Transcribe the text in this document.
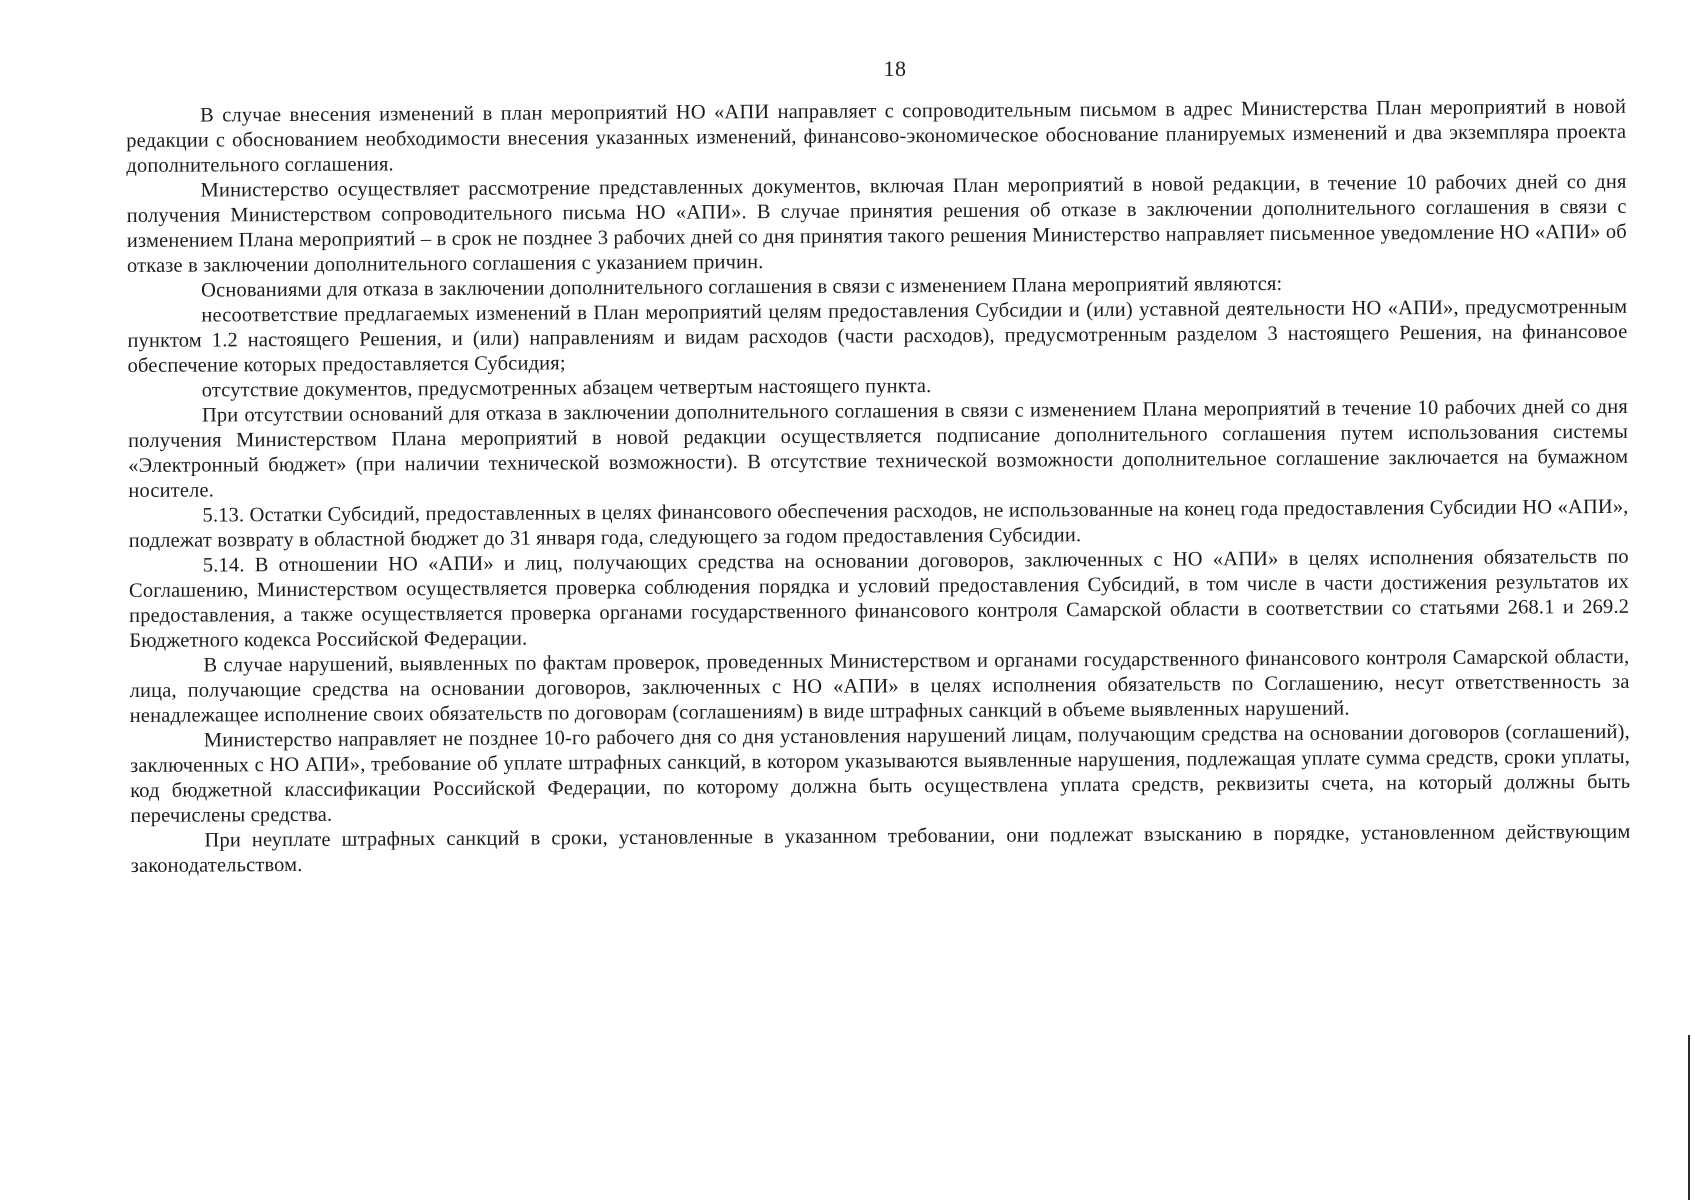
18

В случае внесения изменений в план мероприятий НО «АПИ направляет с сопроводительным письмом в адрес Министерства План мероприятий в новой редакции с обоснованием необходимости внесения указанных изменений, финансово-экономическое обоснование планируемых изменений и два экземпляра проекта дополнительного соглашения.

Министерство осуществляет рассмотрение представленных документов, включая План мероприятий в новой редакции, в течение 10 рабочих дней со дня получения Министерством сопроводительного письма НО «АПИ». В случае принятия решения об отказе в заключении дополнительного соглашения в связи с изменением Плана мероприятий – в срок не позднее 3 рабочих дней со дня принятия такого решения Министерство направляет письменное уведомление НО «АПИ» об отказе в заключении дополнительного соглашения с указанием причин.

Основаниями для отказа в заключении дополнительного соглашения в связи с изменением Плана мероприятий являются:

несоответствие предлагаемых изменений в План мероприятий целям предоставления Субсидии и (или) уставной деятельности НО «АПИ», предусмотренным пунктом 1.2 настоящего Решения, и (или) направлениям и видам расходов (части расходов), предусмотренным разделом 3 настоящего Решения, на финансовое обеспечение которых предоставляется Субсидия;

отсутствие документов, предусмотренных абзацем четвертым настоящего пункта.

При отсутствии оснований для отказа в заключении дополнительного соглашения в связи с изменением Плана мероприятий в течение 10 рабочих дней со дня получения Министерством Плана мероприятий в новой редакции осуществляется подписание дополнительного соглашения путем использования системы «Электронный бюджет» (при наличии технической возможности). В отсутствие технической возможности дополнительное соглашение заключается на бумажном носителе.

5.13. Остатки Субсидий, предоставленных в целях финансового обеспечения расходов, не использованные на конец года предоставления Субсидии НО «АПИ», подлежат возврату в областной бюджет до 31 января года, следующего за годом предоставления Субсидии.

5.14. В отношении НО «АПИ» и лиц, получающих средства на основании договоров, заключенных с НО «АПИ» в целях исполнения обязательств по Соглашению, Министерством осуществляется проверка соблюдения порядка и условий предоставления Субсидий, в том числе в части достижения результатов их предоставления, а также осуществляется проверка органами государственного финансового контроля Самарской области в соответствии со статьями 268.1 и 269.2 Бюджетного кодекса Российской Федерации.

В случае нарушений, выявленных по фактам проверок, проведенных Министерством и органами государственного финансового контроля Самарской области, лица, получающие средства на основании договоров, заключенных с НО «АПИ» в целях исполнения обязательств по Соглашению, несут ответственность за ненадлежащее исполнение своих обязательств по договорам (соглашениям) в виде штрафных санкций в объеме выявленных нарушений.

Министерство направляет не позднее 10-го рабочего дня со дня установления нарушений лицам, получающим средства на основании договоров (соглашений), заключенных с НО АПИ», требование об уплате штрафных санкций, в котором указываются выявленные нарушения, подлежащая уплате сумма средств, сроки уплаты, код бюджетной классификации Российской Федерации, по которому должна быть осуществлена уплата средств, реквизиты счета, на который должны быть перечислены средства.

При неуплате штрафных санкций в сроки, установленные в указанном требовании, они подлежат взысканию в порядке, установленном действующим законодательством.
